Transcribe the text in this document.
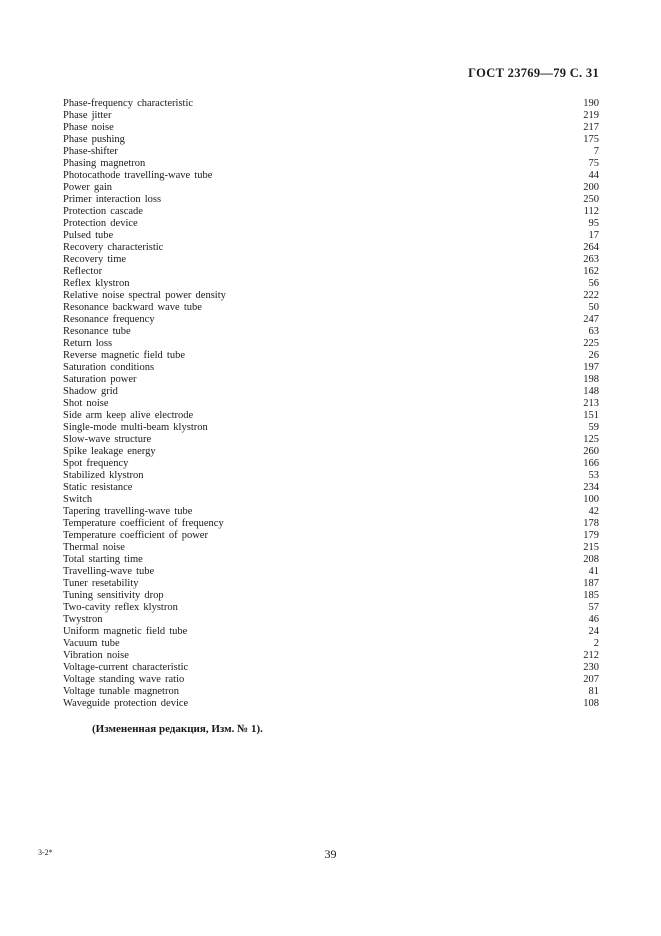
ГОСТ 23769—79 С. 31
Phase-frequency characteristic	190
Phase jitter	219
Phase noise	217
Phase pushing	175
Phase-shifter	7
Phasing magnetron	75
Photocathode travelling-wave tube	44
Power gain	200
Primer interaction loss	250
Protection cascade	112
Protection device	95
Pulsed tube	17
Recovery characteristic	264
Recovery time	263
Reflector	162
Reflex klystron	56
Relative noise spectral power density	222
Resonance backward wave tube	50
Resonance frequency	247
Resonance tube	63
Return loss	225
Reverse magnetic field tube	26
Saturation conditions	197
Saturation power	198
Shadow grid	148
Shot noise	213
Side arm keep alive electrode	151
Single-mode multi-beam klystron	59
Slow-wave structure	125
Spike leakage energy	260
Spot frequency	166
Stabilized klystron	53
Static resistance	234
Switch	100
Tapering travelling-wave tube	42
Temperature coefficient of frequency	178
Temperature coefficient of power	179
Thermal noise	215
Total starting time	208
Travelling-wave tube	41
Tuner resetability	187
Tuning sensitivity drop	185
Two-cavity reflex klystron	57
Twystron	46
Uniform magnetic field tube	24
Vacuum tube	2
Vibration noise	212
Voltage-current characteristic	230
Voltage standing wave ratio	207
Voltage tunable magnetron	81
Waveguide protection device	108
(Измененная редакция, Изм. № 1).
3-2*	39
